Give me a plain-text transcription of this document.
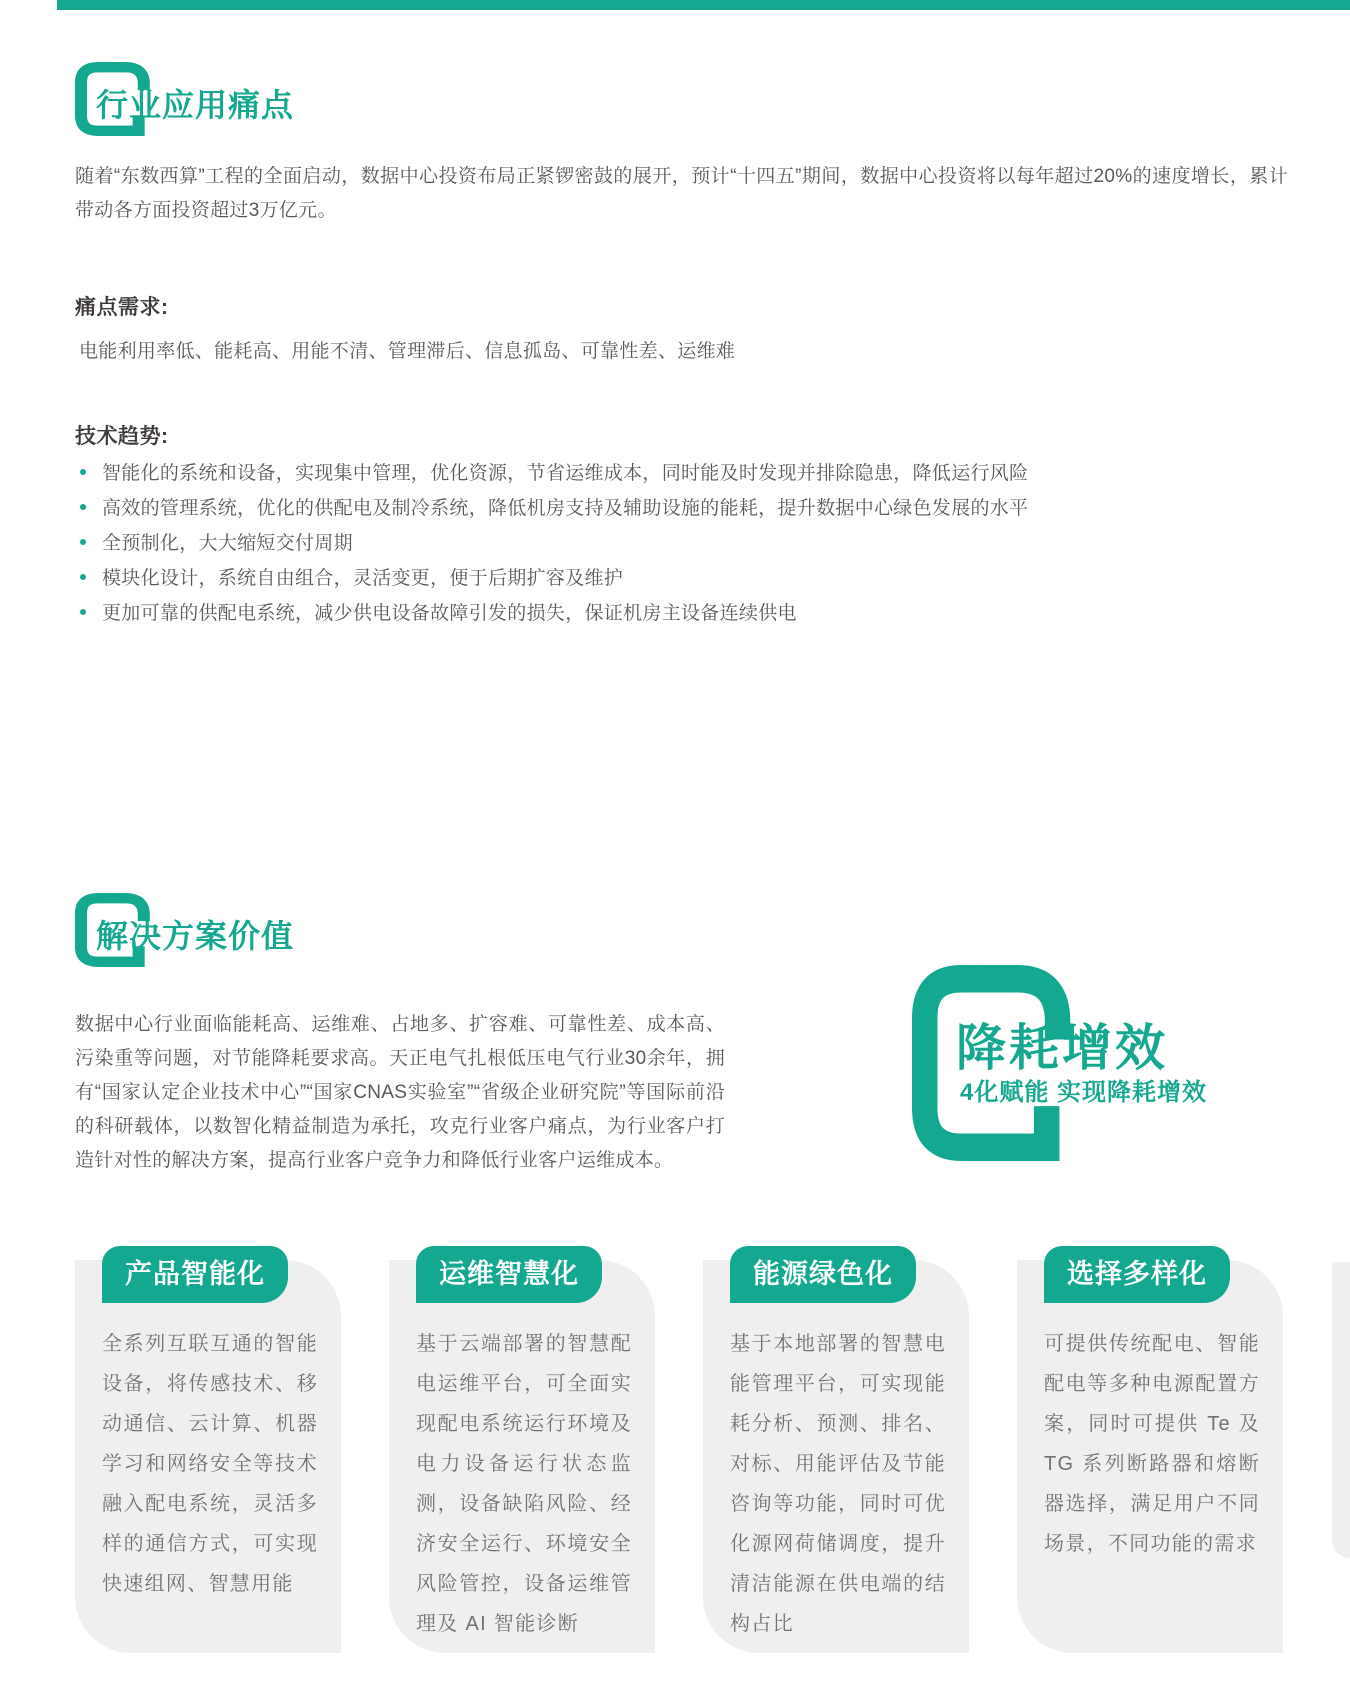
行业应用痛点
随着“东数西算”工程的全面启动，数据中心投资布局正紧锣密鼓的展开，预计“十四五”期间，数据中心投资将以每年超过20%的速度增长，累计带动各方面投资超过3万亿元。
痛点需求:
电能利用率低、能耗高、用能不清、管理滞后、信息孤岛、可靠性差、运维难
技术趋势:
智能化的系统和设备，实现集中管理，优化资源，节省运维成本，同时能及时发现并排除隐患，降低运行风险
高效的管理系统，优化的供配电及制冷系统，降低机房支持及辅助设施的能耗，提升数据中心绿色发展的水平
全预制化，大大缩短交付周期
模块化设计，系统自由组合，灵活变更，便于后期扩容及维护
更加可靠的供配电系统，减少供电设备故障引发的损失，保证机房主设备连续供电
解决方案价值
数据中心行业面临能耗高、运维难、占地多、扩容难、可靠性差、成本高、污染重等问题，对节能降耗要求高。天正电气扎根低压电气行业30余年，拥有“国家认定企业技术中心”“国家CNAS实验室”“省级企业研究院”等国际前沿的科研载体，以数智化精益制造为承托，攻克行业客户痛点，为行业客户打造针对性的解决方案，提高行业客户竞争力和降低行业客户运维成本。
降耗增效
4化赋能 实现降耗增效
产品智能化
全系列互联互通的智能设备，将传感技术、移动通信、云计算、机器学习和网络安全等技术融入配电系统，灵活多样的通信方式，可实现快速组网、智慧用能
运维智慧化
基于云端部署的智慧配电运维平台，可全面实现配电系统运行环境及电力设备运行状态监测，设备缺陷风险、经济安全运行、环境安全风险管控，设备运维管理及 AI 智能诊断
能源绿色化
基于本地部署的智慧电能管理平台，可实现能耗分析、预测、排名、对标、用能评估及节能咨询等功能，同时可优化源网荷储调度，提升清洁能源在供电端的结构占比
选择多样化
可提供传统配电、智能配电等多种电源配置方案，同时可提供 Te 及 TG 系列断路器和熔断器选择，满足用户不同场景，不同功能的需求
